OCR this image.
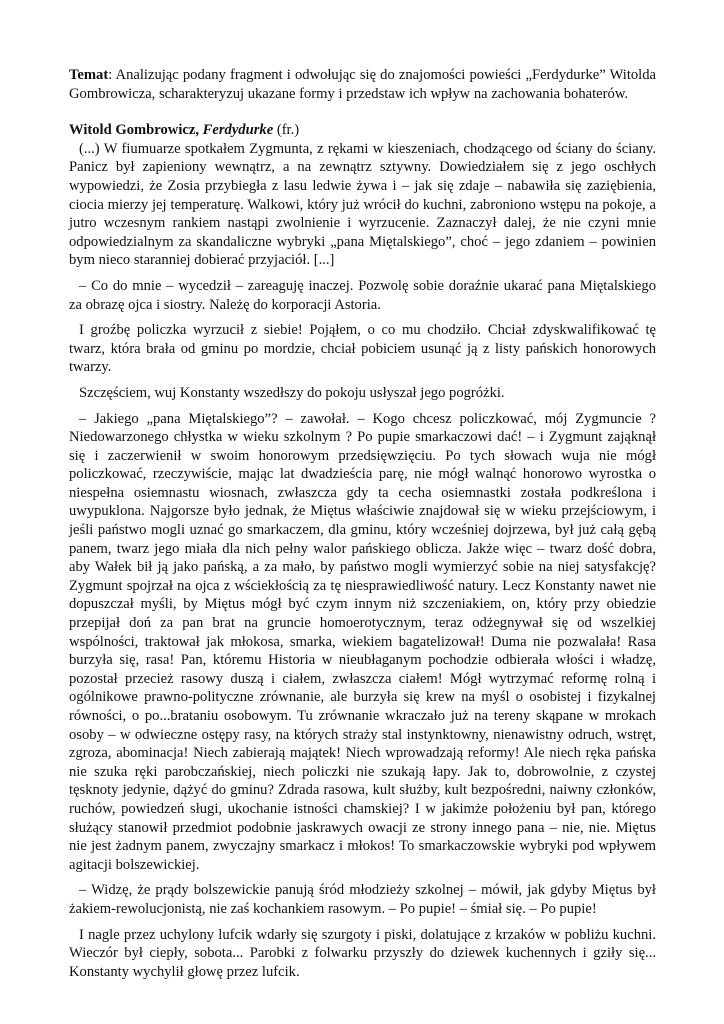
Temat: Analizując podany fragment i odwołując się do znajomości powieści „Ferdydurke” Witolda Gombrowicza, scharakteryzuj ukazane formy i przedstaw ich wpływ na zachowania bohaterów.

Witold Gombrowicz, Ferdydurke (fr.)

(...) W fiumuarze spotkałem Zygmunta, z rękami w kieszeniach, chodzącego od ściany do ściany. Panicz był zapieniony wewnątrz, a na zewnątrz sztywny. Dowiedziałem się z jego oschłych wypowiedzi, że Zosia przybiegła z lasu ledwie żywa i – jak się zdaje – nabawiła się zaziębienia, ciocia mierzy jej temperaturę. Walkowi, który już wrócił do kuchni, zabroniono wstępu na pokoje, a jutro wczesnym rankiem nastąpi zwolnienie i wyrzucenie. Zaznaczył dalej, że nie czyni mnie odpowiedzialnym za skandaliczne wybryki „pana Miętalskiego”, choć – jego zdaniem – powinien bym nieco staranniej dobierać przyjaciół. [...]

– Co do mnie – wycedził – zareaguję inaczej. Pozwolę sobie doraźnie ukarać pana Miętalskiego za obrazę ojca i siostry. Należę do korporacji Astoria.

I groźbę policzka wyrzucił z siebie! Pojąłem, o co mu chodziło. Chciał zdyskwalifikować tę twarz, która brała od gminu po mordzie, chciał pobiciem usunąć ją z listy pańskich honorowych twarzy.

Szczęściem, wuj Konstanty wszedłszy do pokoju usłyszał jego pogróżki.

– Jakiego „pana Miętalskiego”? – zawołał. – Kogo chcesz policzkować, mój Zygmuncie ? Niedowarzonego chłystka w wieku szkolnym ? Po pupie smarkaczowi dać! – i Zygmunt zająknął się i zaczerwienił w swoim honorowym przedsięwzięciu. Po tych słowach wuja nie mógł policzkować, rzeczywiście, mając lat dwadzieścia parę, nie mógł walnąć honorowo wyrostka o niespełna osiemnastu wiosnach, zwłaszcza gdy ta cecha osiemnastki została podkreślona i uwypuklona. Najgorsze było jednak, że Miętus właściwie znajdował się w wieku przejściowym, i jeśli państwo mogli uznać go smarkaczem, dla gminu, który wcześniej dojrzewa, był już całą gębą panem, twarz jego miała dla nich pełny walor pańskiego oblicza. Jakże więc – twarz dość dobra, aby Wałek bił ją jako pańską, a za mało, by państwo mogli wymierzyć sobie na niej satysfakcję? Zygmunt spojrzał na ojca z wściekłością za tę niesprawiedliwość natury. Lecz Konstanty nawet nie dopuszczał myśli, by Miętus mógł być czym innym niż szczeniakiem, on, który przy obiedzie przepijał doń za pan brat na gruncie homoerotycznym, teraz odżegnywał się od wszelkiej wspólności, traktował jak młokosa, smarka, wiekiem bagatelizował! Duma nie pozwalała! Rasa burzyła się, rasa! Pan, któremu Historia w nieubłaganym pochodzie odbierała włości i władzę, pozostał przecież rasowy duszą i ciałem, zwłaszcza ciałem! Mógł wytrzymać reformę rolną i ogólnikowe prawno-polityczne zrównanie, ale burzyła się krew na myśl o osobistej i fizykalnej równości, o po...brataniu osobowym. Tu zrównanie wkraczało już na tereny skąpane w mrokach osoby – w odwieczne ostępy rasy, na których straży stal instynktowny, nienawistny odruch, wstręt, zgroza, abominacja! Niech zabierają majątek! Niech wprowadzają reformy! Ale niech ręka pańska nie szuka ręki parobczańskiej, niech policzki nie szukają łapy. Jak to, dobrowolnie, z czystej tęsknoty jedynie, dążyć do gminu? Zdrada rasowa, kult służby, kult bezpośredni, naiwny członków, ruchów, powiedzeń sługi, ukochanie istności chamskiej? I w jakimże położeniu był pan, którego służący stanowił przedmiot podobnie jaskrawych owacji ze strony innego pana – nie, nie. Miętus nie jest żadnym panem, zwyczajny smarkacz i młokos! To smarkaczowskie wybryki pod wpływem agitacji bolszewickiej.

– Widzę, że prądy bolszewickie panują śród młodzieży szkolnej – mówił, jak gdyby Miętus był żakiem-rewolucjonistą, nie zaś kochankiem rasowym. – Po pupie! – śmiał się. – Po pupie!

I nagle przez uchylony lufcik wdarły się szurgoty i piski, dolatujące z krzaków w pobliżu kuchni. Wieczór był ciepły, sobota... Parobki z folwarku przyszły do dziewek kuchennych i gziły się... Konstanty wychylił głowę przez lufcik.
